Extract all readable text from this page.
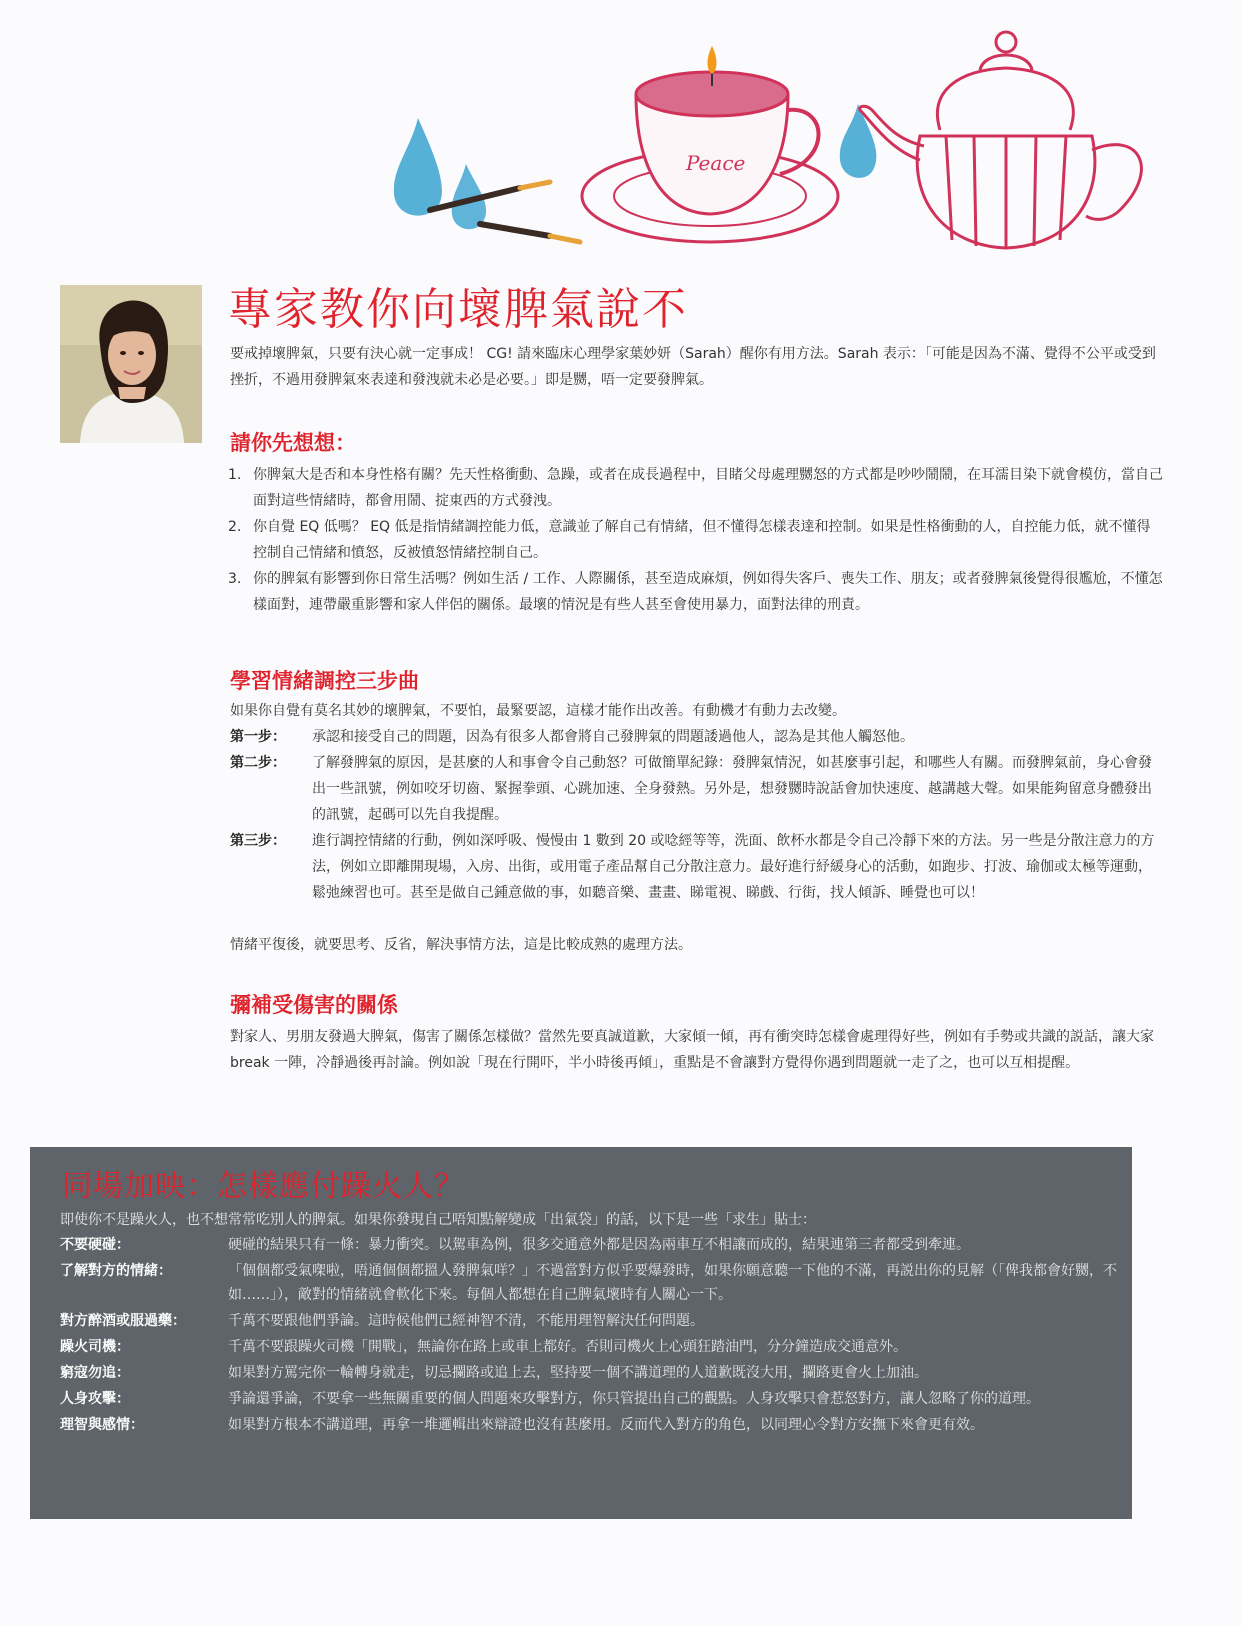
Peace
專家教你向壞脾氣說不
要戒掉壞脾氣，只要有決心就一定事成！ CG! 請來臨床心理學家葉妙妍（Sarah）醒你有用方法。Sarah 表示：「可能是因為不滿、覺得不公平或受到挫折，不過用發脾氣來表達和發洩就未必是必要。」即是嬲，唔一定要發脾氣。
請你先想想：
1. 你脾氣大是否和本身性格有關？先天性格衝動、急躁，或者在成長過程中，目睹父母處理嬲怒的方式都是吵吵鬧鬧，在耳濡目染下就會模仿，當自己面對這些情緒時，都會用鬧、掟東西的方式發洩。
2. 你自覺 EQ 低嗎？ EQ 低是指情緒調控能力低，意識並了解自己有情緒，但不懂得怎樣表達和控制。如果是性格衝動的人，自控能力低，就不懂得控制自己情緒和憤怒，反被憤怒情緒控制自己。
3. 你的脾氣有影響到你日常生活嗎？例如生活 / 工作、人際關係，甚至造成麻煩，例如得失客戶、喪失工作、朋友；或者發脾氣後覺得很尷尬，不懂怎樣面對，連帶嚴重影響和家人伴侶的關係。最壞的情況是有些人甚至會使用暴力，面對法律的刑責。
學習情緒調控三步曲
如果你自覺有莫名其妙的壞脾氣，不要怕，最緊要認，這樣才能作出改善。有動機才有動力去改變。
第一步：	承認和接受自己的問題，因為有很多人都會將自己發脾氣的問題諉過他人，認為是其他人觸怒他。
第二步：	了解發脾氣的原因，是甚麼的人和事會令自己動怒？可做簡單紀錄：發脾氣情況，如甚麼事引起，和哪些人有關。而發脾氣前，身心會發出一些訊號，例如咬牙切齒、緊握拳頭、心跳加速、全身發熱。另外是，想發嬲時說話會加快速度、越講越大聲。如果能夠留意身體發出的訊號，起碼可以先自我提醒。
第三步：	進行調控情緒的行動，例如深呼吸、慢慢由 1 數到 20 或唸經等等，洗面、飲杯水都是令自己冷靜下來的方法。另一些是分散注意力的方法，例如立即離開現場，入房、出街，或用電子產品幫自己分散注意力。最好進行紓緩身心的活動，如跑步、打波、瑜伽或太極等運動，鬆弛練習也可。甚至是做自己鍾意做的事，如聽音樂、畫畫、睇電視、睇戲、行街，找人傾訴、睡覺也可以！
情緒平復後，就要思考、反省，解決事情方法，這是比較成熟的處理方法。
彌補受傷害的關係
對家人、男朋友發過大脾氣，傷害了關係怎樣做？當然先要真誠道歉，大家傾一傾，再有衝突時怎樣會處理得好些，例如有手勢或共識的説話，讓大家 break 一陣，冷靜過後再討論。例如說「現在行開吓，半小時後再傾」，重點是不會讓對方覺得你遇到問題就一走了之，也可以互相提醒。
同場加映：怎樣應付躁火人？
即使你不是躁火人，也不想常常吃別人的脾氣。如果你發現自己唔知點解變成「出氣袋」的話，以下是一些「求生」貼士：
不要硬碰：	硬碰的結果只有一條：暴力衝突。以駕車為例，很多交通意外都是因為兩車互不相讓而成的，結果連第三者都受到牽連。
了解對方的情緒：	「個個都受氣㗎啦，唔通個個都搵人發脾氣咩？」不過當對方似乎要爆發時，如果你願意聽一下他的不滿，再説出你的見解（「俾我都會好嬲，不如……」），敵對的情緒就會軟化下來。每個人都想在自己脾氣壞時有人關心一下。
對方醉酒或服過藥：	千萬不要跟他們爭論。這時候他們已經神智不清，不能用理智解決任何問題。
躁火司機：	千萬不要跟躁火司機「開戰」，無論你在路上或車上都好。否則司機火上心頭狂踏油門，分分鐘造成交通意外。
窮寇勿追：	如果對方罵完你一輪轉身就走，切忌攔路或追上去，堅持要一個不講道理的人道歉既沒大用，攔路更會火上加油。
人身攻擊：	爭論還爭論，不要拿一些無關重要的個人問題來攻擊對方，你只管提出自己的觀點。人身攻擊只會惹怒對方，讓人忽略了你的道理。
理智與感情：	如果對方根本不講道理，再拿一堆邏輯出來辯證也沒有甚麼用。反而代入對方的角色，以同理心令對方安撫下來會更有效。
